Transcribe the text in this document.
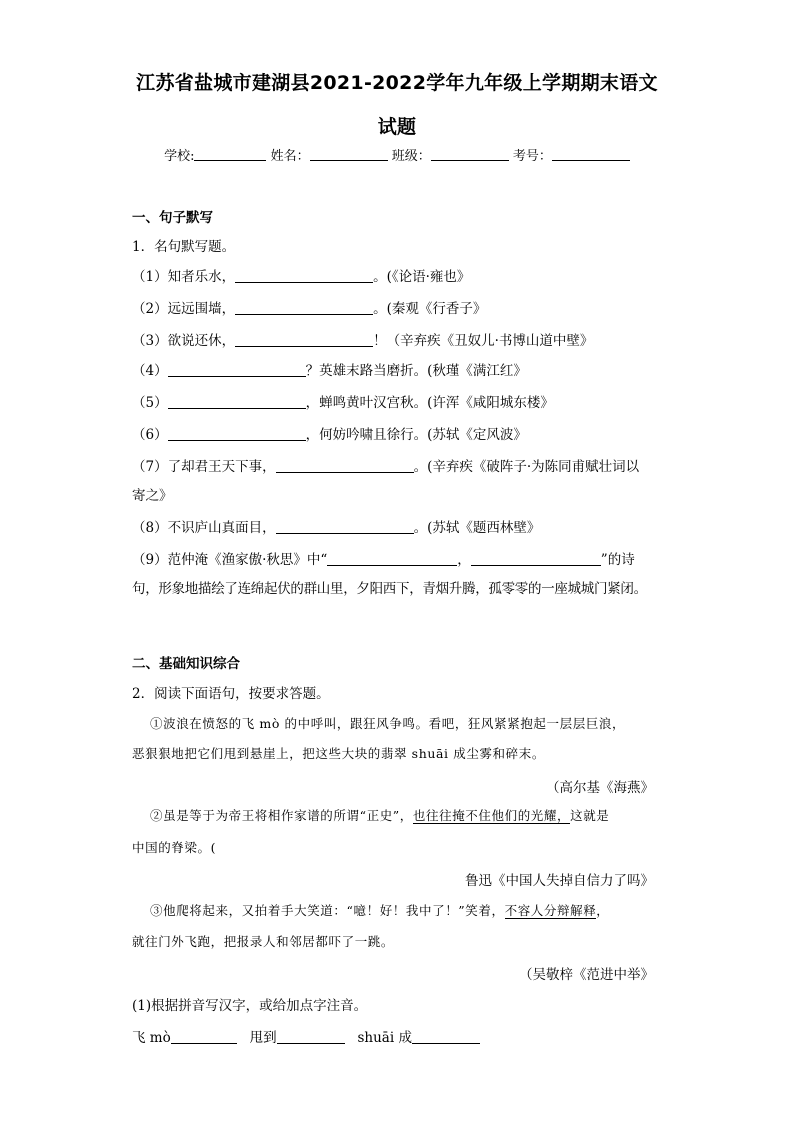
江苏省盐城市建湖县2021-2022学年九年级上学期期末语文
试题
学校:	姓名：	班级：	考号：
一、句子默写
1．名句默写题。
（1）知者乐水，	。(《论语·雍也》
（2）远远围墙，	。(秦观《行香子》
（3）欲说还休，	！（辛弃疾《丑奴儿·书博山道中壁》
（4）	？英雄末路当磨折。(秋瑾《满江红》
（5）	，蝉鸣黄叶汉宫秋。(许浑《咸阳城东楼》
（6）	，何妨吟啸且徐行。(苏轼《定风波》
（7）了却君王天下事，	。(辛弃疾《破阵子·为陈同甫赋壮词以
寄之》
（8）不识庐山真面目，	。(苏轼《题西林壁》
（9）范仲淹《渔家傲·秋思》中“	，	”的诗
句，形象地描绘了连绵起伏的群山里，夕阳西下，青烟升腾，孤零零的一座城城门紧闭。
二、基础知识综合
2．阅读下面语句，按要求答题。
①波浪在愤怒的飞 mò 的中呼叫，跟狂风争鸣。看吧，狂风紧紧抱起一层层巨浪，
恶狠狠地把它们甩到悬崖上，把这些大块的翡翠 shuāi 成尘雾和碎末。
（高尔基《海燕》
②虽是等于为帝王将相作家谱的所谓“正史”，也往往掩不住他们的光耀，这就是
中国的脊梁。(
鲁迅《中国人失掉自信力了吗》
③他爬将起来，又拍着手大笑道：“噫！好！我中了！”笑着，不容人分辩解释，
就往门外飞跑，把报录人和邻居都吓了一跳。
（吴敬梓《范进中举》
(1)根据拼音写汉字，或给加点字注音。
飞 mò	甩到	shuāi 成
